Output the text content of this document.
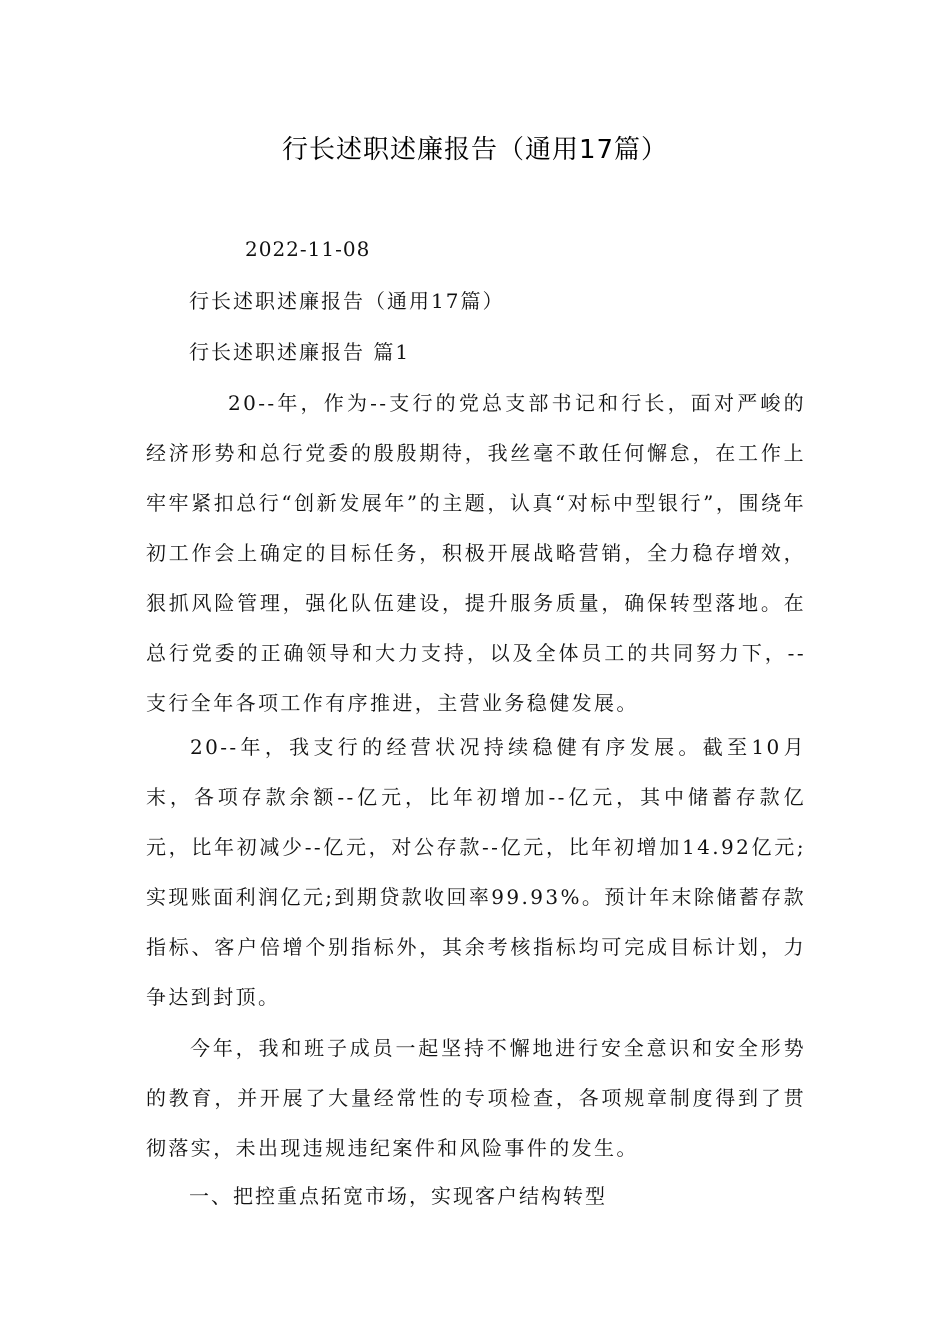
行长述职述廉报告（通用17篇）
2022-11-08
行长述职述廉报告（通用17篇）
行长述职述廉报告 篇1
20--年，作为--支行的党总支部书记和行长，面对严峻的经济形势和总行党委的殷殷期待，我丝毫不敢任何懈怠，在工作上牢牢紧扣总行“创新发展年”的主题，认真“对标中型银行”，围绕年初工作会上确定的目标任务，积极开展战略营销，全力稳存增效，狠抓风险管理，强化队伍建设，提升服务质量，确保转型落地。在总行党委的正确领导和大力支持，以及全体员工的共同努力下，--支行全年各项工作有序推进，主营业务稳健发展。
20--年，我支行的经营状况持续稳健有序发展。截至10月末，各项存款余额--亿元，比年初增加--亿元，其中储蓄存款亿元，比年初减少--亿元，对公存款--亿元，比年初增加14.92亿元;实现账面利润亿元;到期贷款收回率99.93%。预计年末除储蓄存款指标、客户倍增个别指标外，其余考核指标均可完成目标计划，力争达到封顶。
今年，我和班子成员一起坚持不懈地进行安全意识和安全形势的教育，并开展了大量经常性的专项检查，各项规章制度得到了贯彻落实，未出现违规违纪案件和风险事件的发生。
一、把控重点拓宽市场，实现客户结构转型
